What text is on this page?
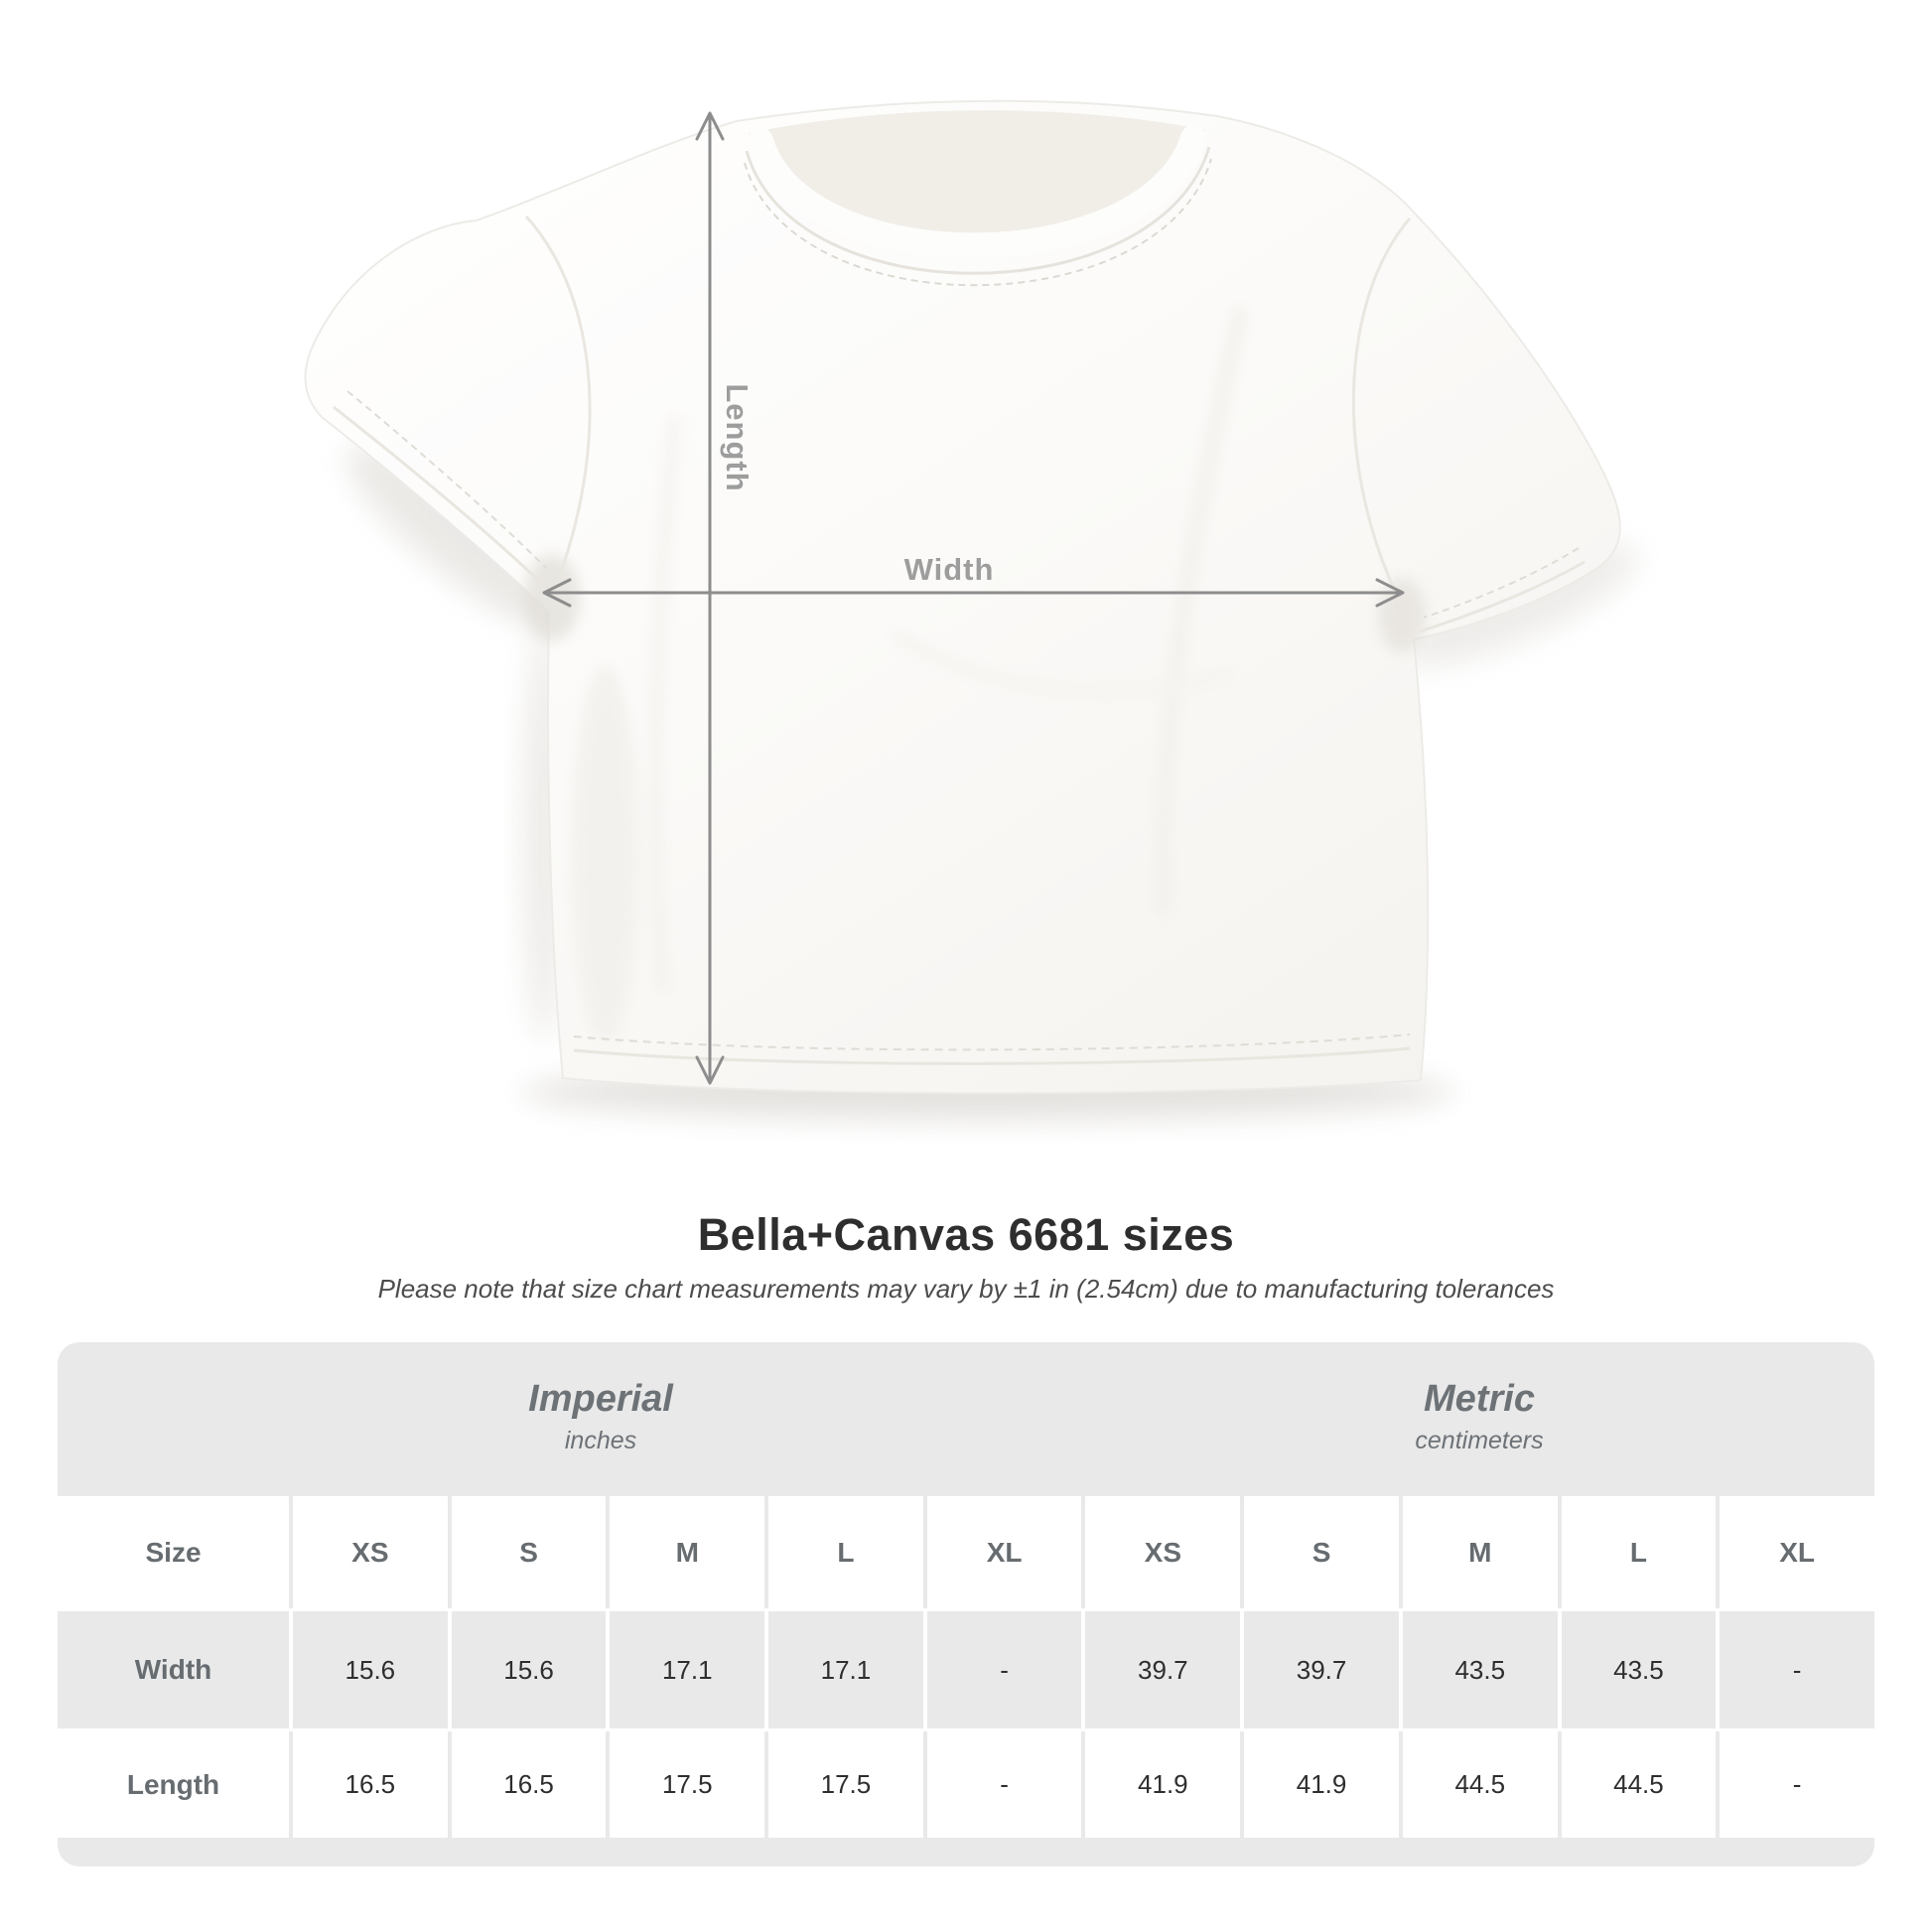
Length
Width
Bella+Canvas 6681 sizes
Please note that size chart measurements may vary by ±1 in (2.54cm) due to manufacturing tolerances
Imperial
inches
Metric
centimeters
Size	XS	S	M	L	XL	XS	S	M	L	XL
Width	15.6	15.6	17.1	17.1	-	39.7	39.7	43.5	43.5	-
Length	16.5	16.5	17.5	17.5	-	41.9	41.9	44.5	44.5	-
